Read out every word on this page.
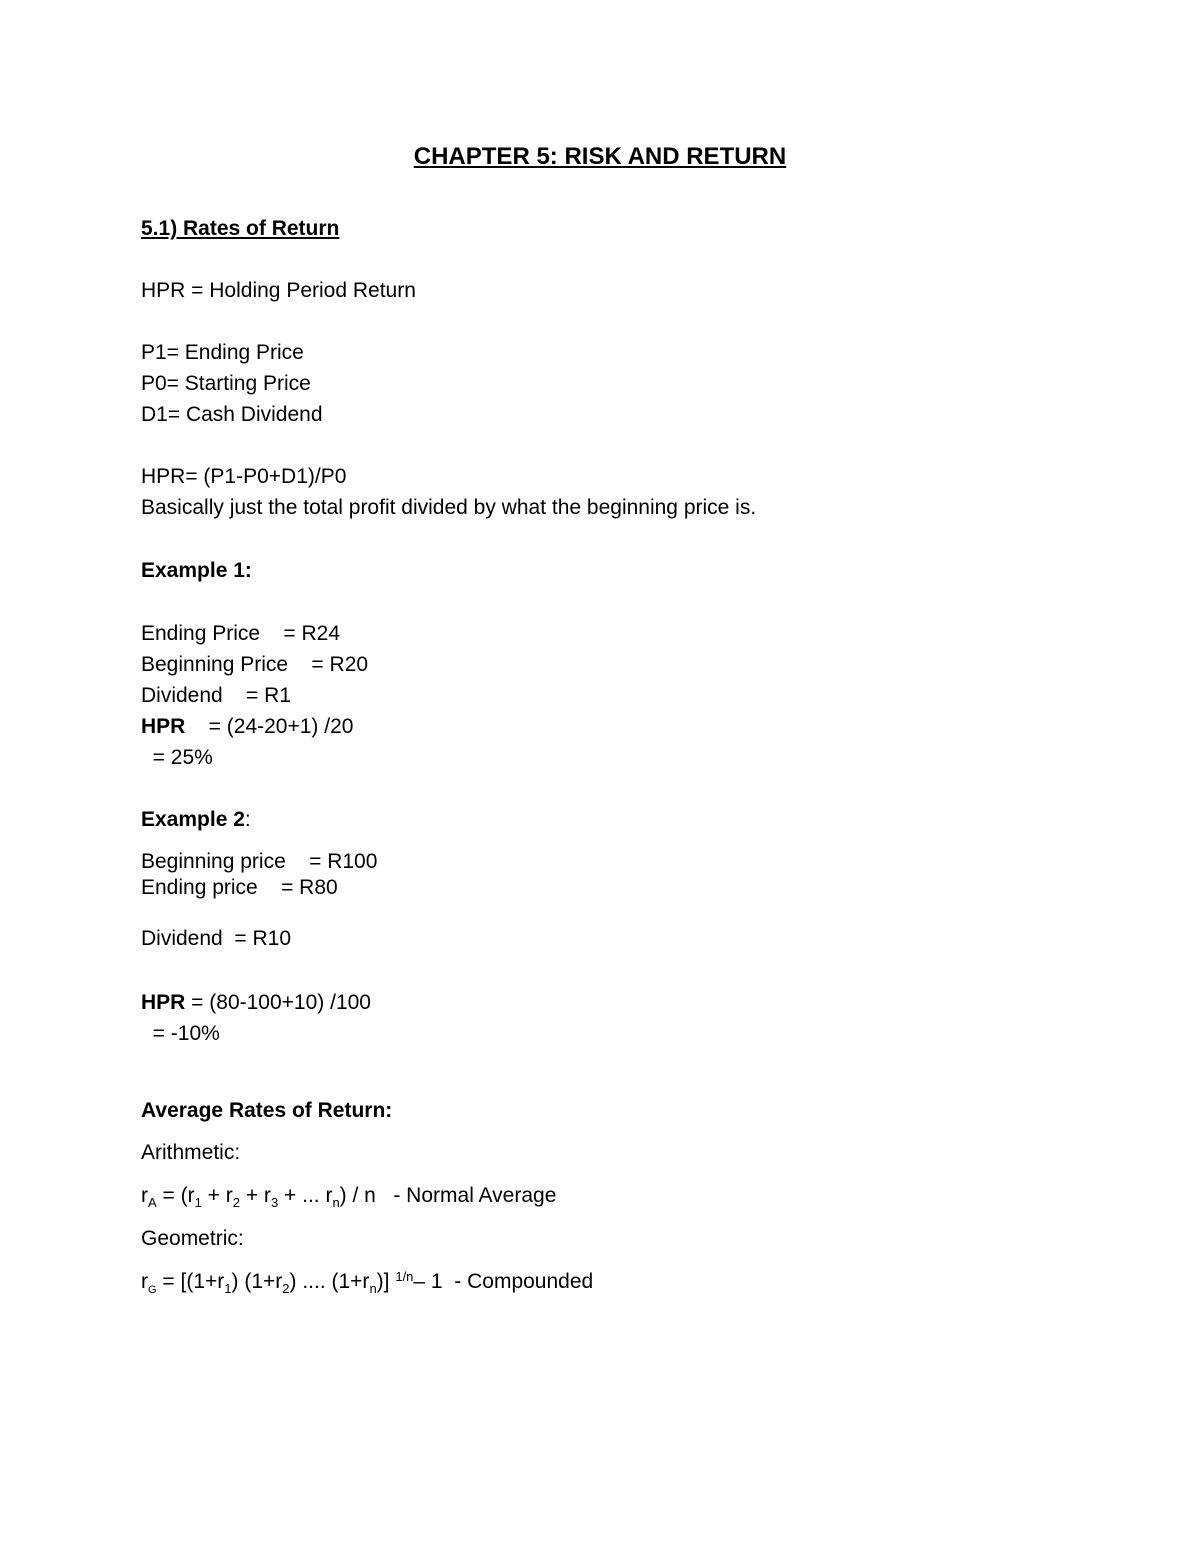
CHAPTER 5: RISK AND RETURN
5.1) Rates of Return
HPR = Holding Period Return
P1= Ending Price
P0= Starting Price
D1= Cash Dividend
HPR= (P1-P0+D1)/P0
Basically just the total profit divided by what the beginning price is.
Example 1:
Ending Price    = R24
Beginning Price    = R20
Dividend    = R1
HPR    = (24-20+1) /20
= 25%
Example 2:
Beginning price    = R100
Ending price    = R80
Dividend  = R10
HPR = (80-100+10) /100
= -10%
Average Rates of Return:
Arithmetic:
$r_A = (r_1 + r_2 + r_3$ + ... $r_n$) / n   - Normal Average
Geometric:
$r_G = [(1+r_1)$ $(1+r_2)$ .... $(1+r_n)$] $^{1/n}$– 1  - Compounded
